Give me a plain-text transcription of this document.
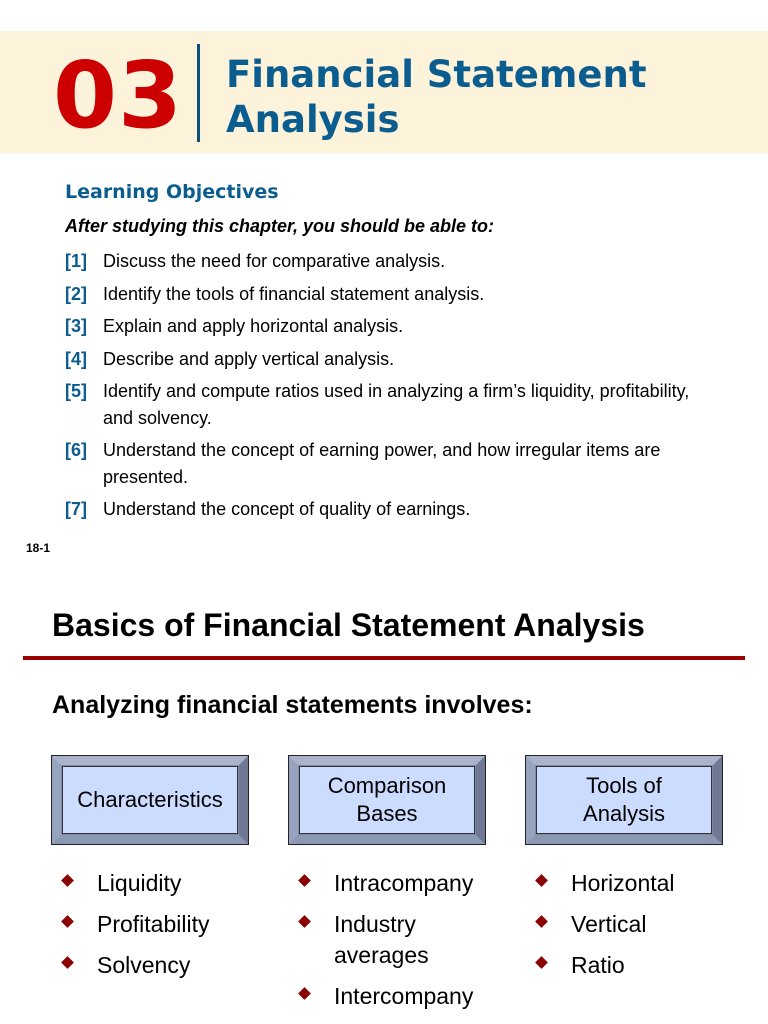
03 Financial Statement
Analysis
Learning Objectives
After studying this chapter, you should be able to:
[1] Discuss the need for comparative analysis.
[2] Identify the tools of financial statement analysis.
[3] Explain and apply horizontal analysis.
[4] Describe and apply vertical analysis.
[5] Identify and compute ratios used in analyzing a firm’s liquidity, profitability, and solvency.
[6] Understand the concept of earning power, and how irregular items are presented.
[7] Understand the concept of quality of earnings.
18-1
Basics of Financial Statement Analysis
Analyzing financial statements involves:
Characteristics
Comparison
Bases
Tools of
Analysis
Liquidity
Profitability
Solvency
Intracompany
Industry averages
Intercompany
Horizontal
Vertical
Ratio
